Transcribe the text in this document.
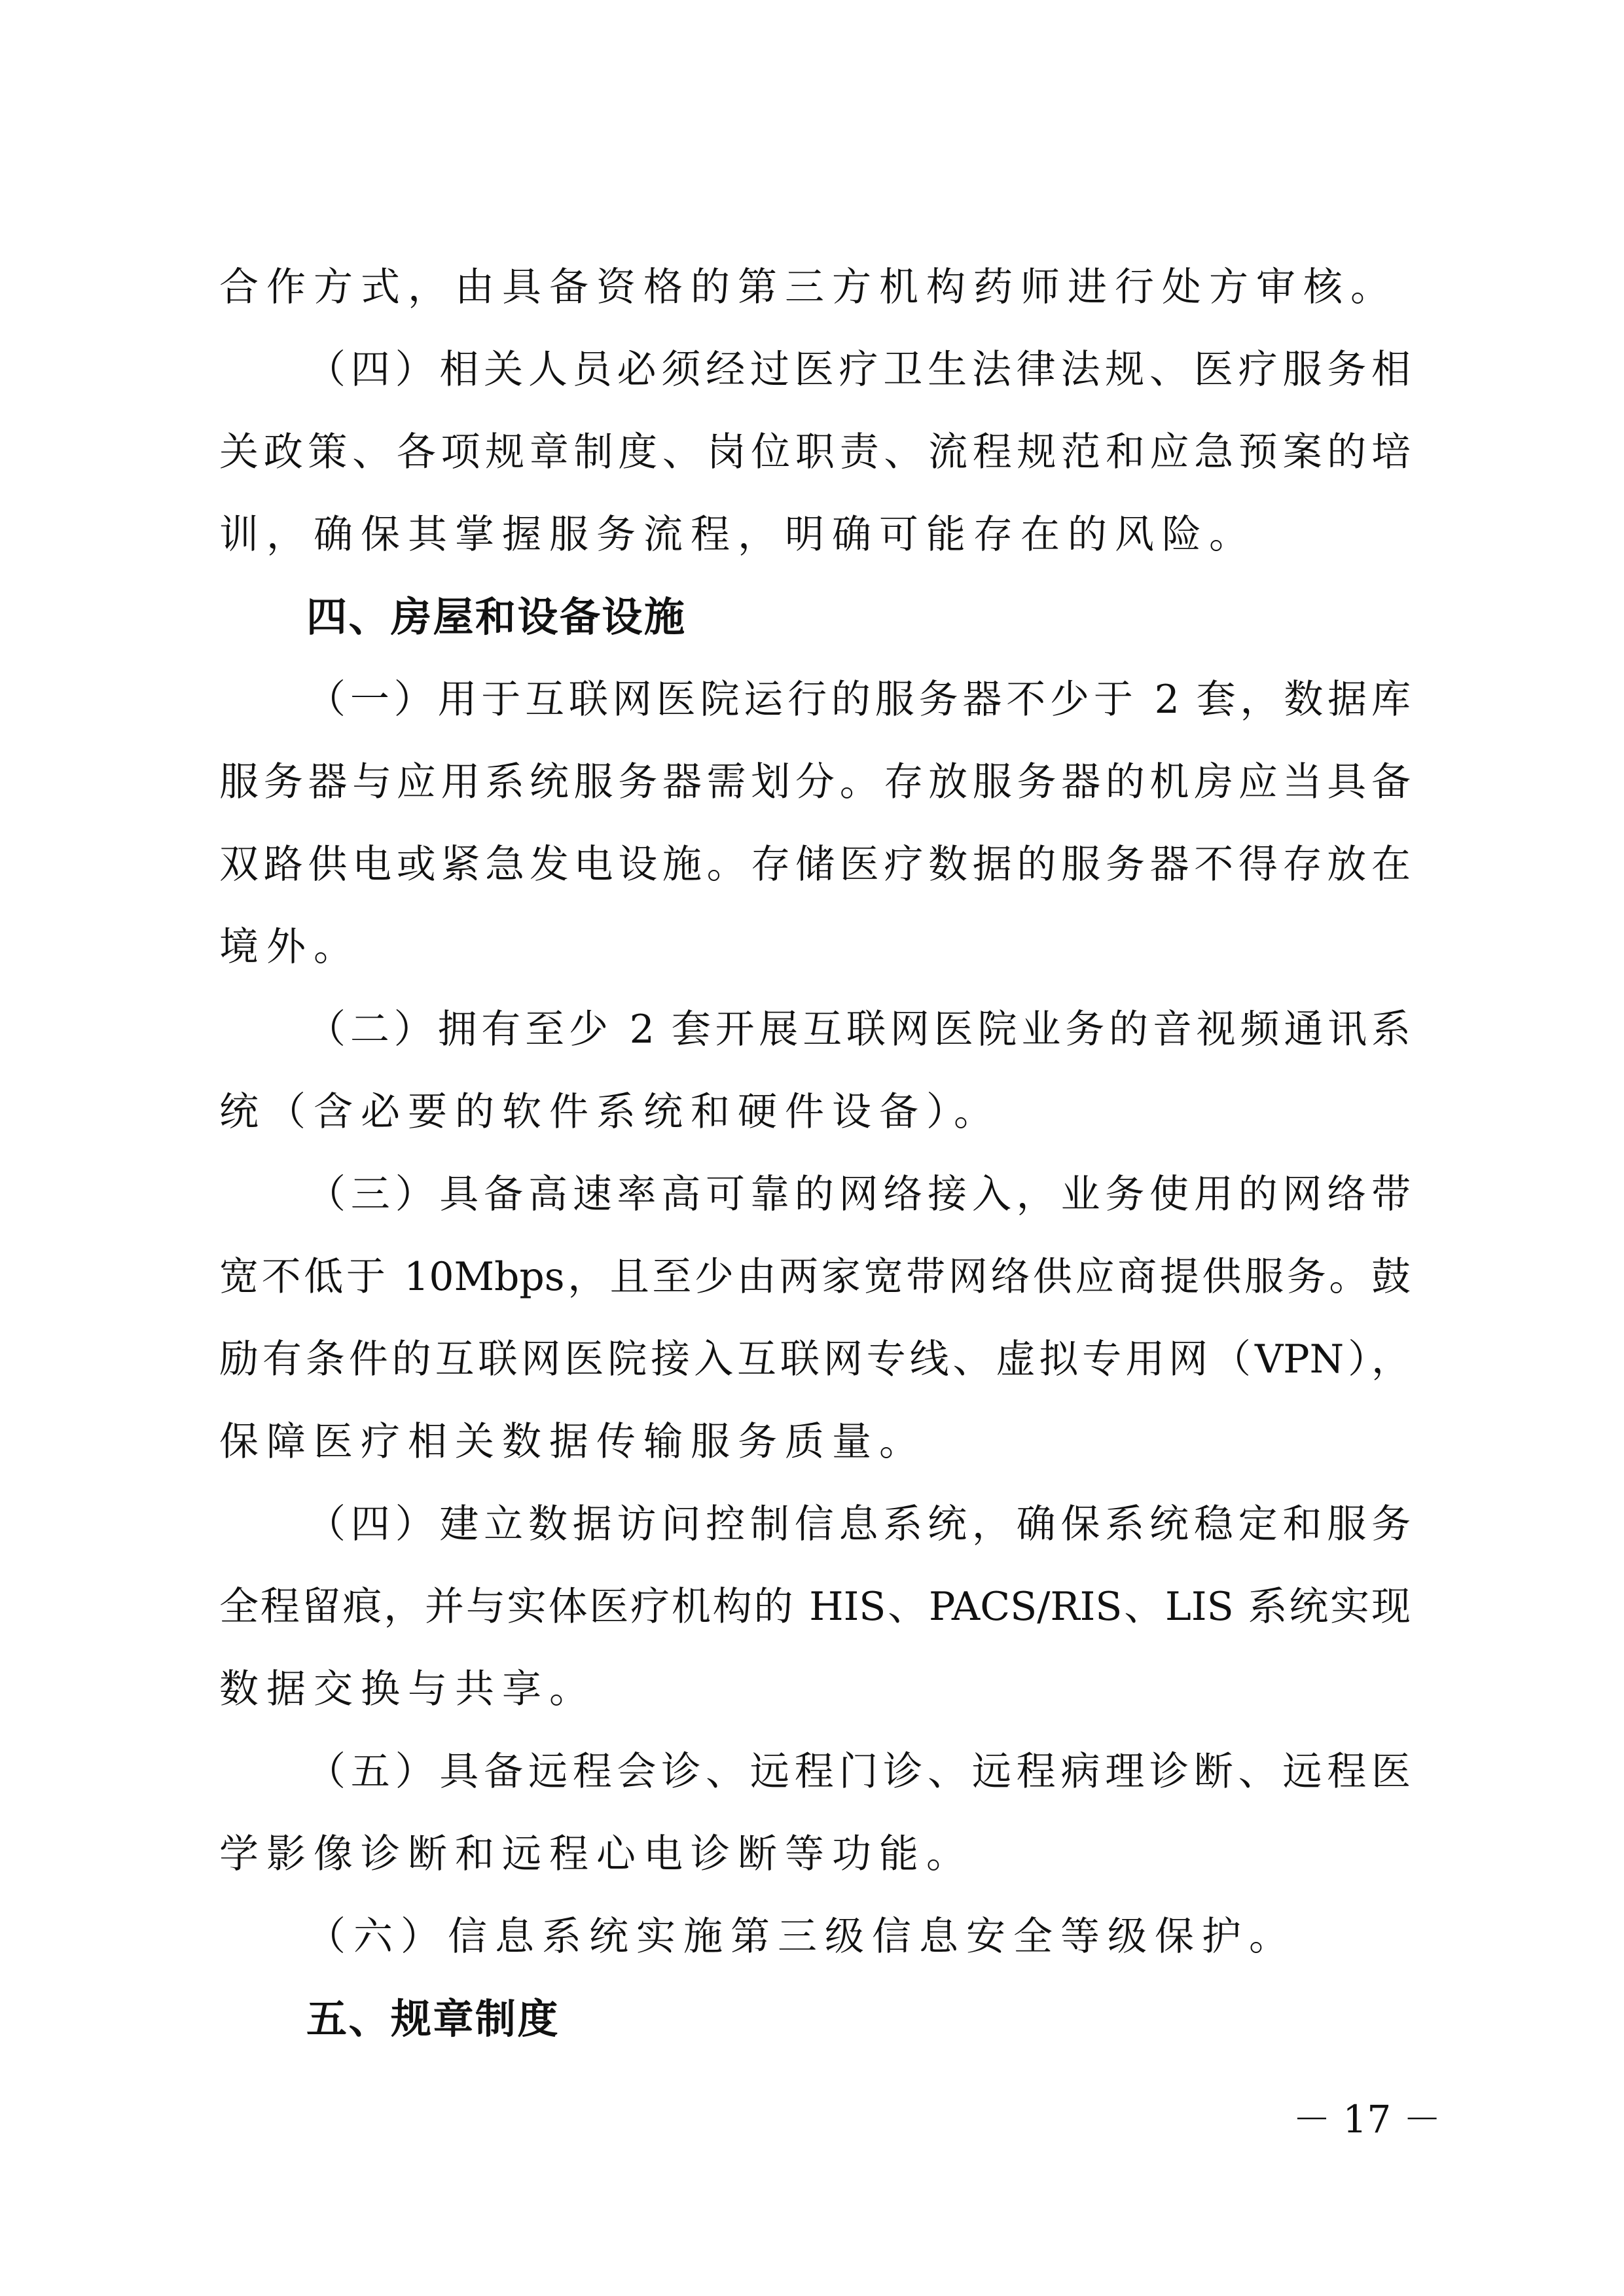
合作方式，由具备资格的第三方机构药师进行处方审核。
（四）相关人员必须经过医疗卫生法律法规、医疗服务相
关政策、各项规章制度、岗位职责、流程规范和应急预案的培
训，确保其掌握服务流程，明确可能存在的风险。
四、房屋和设备设施
（一）用于互联网医院运行的服务器不少于 2 套，数据库
服务器与应用系统服务器需划分。存放服务器的机房应当具备
双路供电或紧急发电设施。存储医疗数据的服务器不得存放在
境外。
（二）拥有至少 2 套开展互联网医院业务的音视频通讯系
统（含必要的软件系统和硬件设备）。
（三）具备高速率高可靠的网络接入，业务使用的网络带
宽不低于 10Mbps，且至少由两家宽带网络供应商提供服务。鼓
励有条件的互联网医院接入互联网专线、虚拟专用网（VPN），
保障医疗相关数据传输服务质量。
（四）建立数据访问控制信息系统，确保系统稳定和服务
全程留痕，并与实体医疗机构的 HIS、PACS/RIS、LIS 系统实现
数据交换与共享。
（五）具备远程会诊、远程门诊、远程病理诊断、远程医
学影像诊断和远程心电诊断等功能。
（六）信息系统实施第三级信息安全等级保护。
五、规章制度
－ 17 －
